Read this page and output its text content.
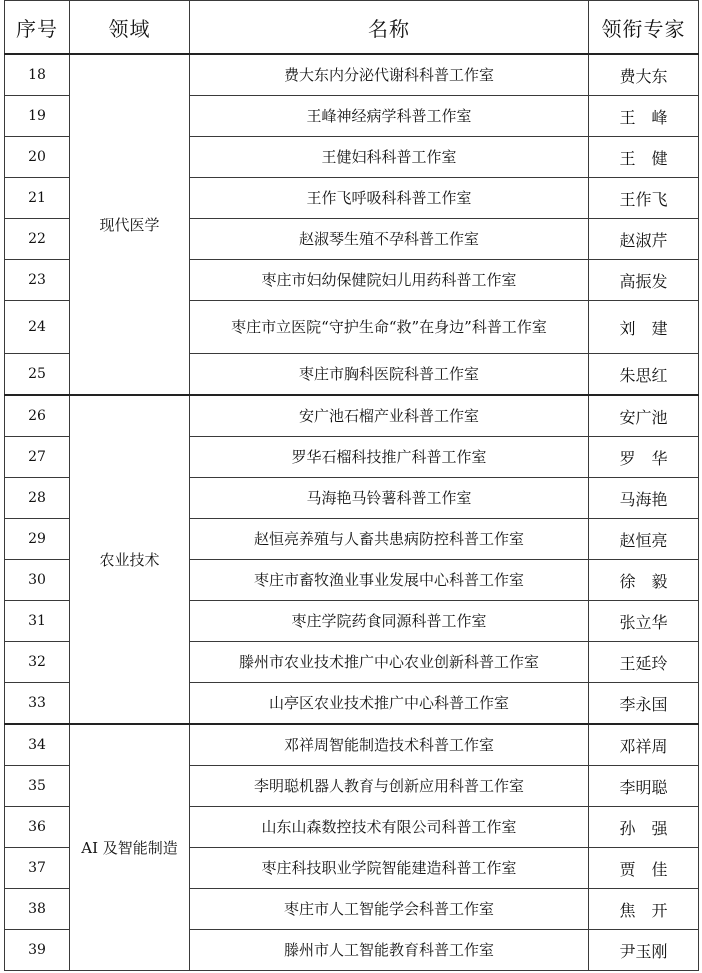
序号	领域	名称	领衔专家
18	现代医学	费大东内分泌代谢科科普工作室	费大东
19		王峰神经病学科普工作室	王　峰
20		王健妇科科普工作室	王　健
21		王作飞呼吸科科普工作室	王作飞
22		赵淑琴生殖不孕科普工作室	赵淑芹
23		枣庄市妇幼保健院妇儿用药科普工作室	高振发
24		枣庄市立医院“守护生命“救”在身边”科普工作室	刘　建
25		枣庄市胸科医院科普工作室	朱思红
26	农业技术	安广池石榴产业科普工作室	安广池
27		罗华石榴科技推广科普工作室	罗　华
28		马海艳马铃薯科普工作室	马海艳
29		赵恒亮养殖与人畜共患病防控科普工作室	赵恒亮
30		枣庄市畜牧渔业事业发展中心科普工作室	徐　毅
31		枣庄学院药食同源科普工作室	张立华
32		滕州市农业技术推广中心农业创新科普工作室	王延玲
33		山亭区农业技术推广中心科普工作室	李永国
34	AI 及智能制造	邓祥周智能制造技术科普工作室	邓祥周
35		李明聪机器人教育与创新应用科普工作室	李明聪
36		山东山森数控技术有限公司科普工作室	孙　强
37		枣庄科技职业学院智能建造科普工作室	贾　佳
38		枣庄市人工智能学会科普工作室	焦　开
39		滕州市人工智能教育科普工作室	尹玉刚
